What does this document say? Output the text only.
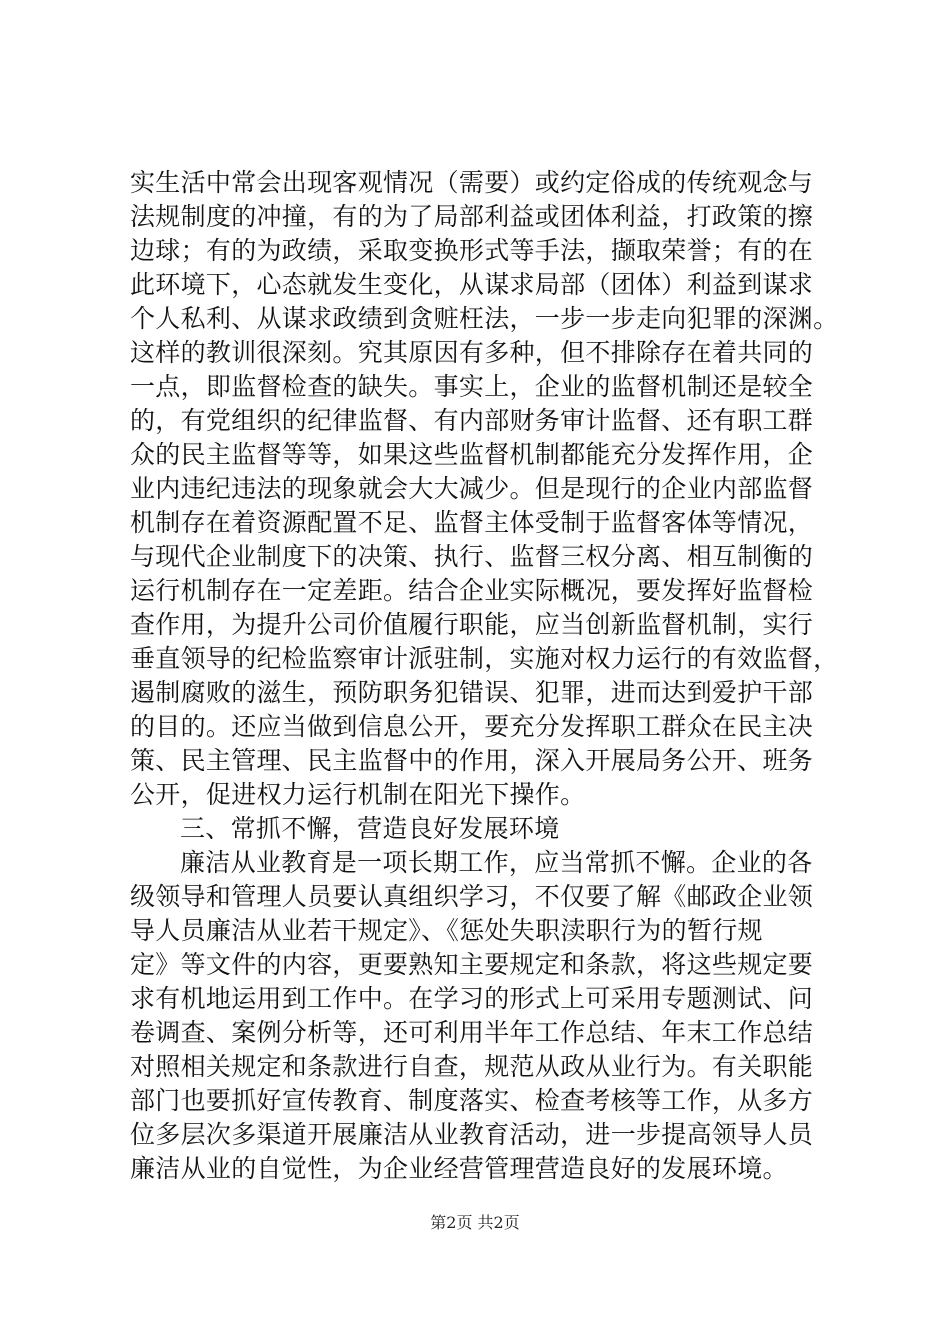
实生活中常会出现客观情况（需要）或约定俗成的传统观念与
法规制度的冲撞，有的为了局部利益或团体利益，打政策的擦
边球；有的为政绩，采取变换形式等手法，撷取荣誉；有的在
此环境下，心态就发生变化，从谋求局部（团体）利益到谋求
个人私利、从谋求政绩到贪赃枉法，一步一步走向犯罪的深渊。
这样的教训很深刻。究其原因有多种，但不排除存在着共同的
一点，即监督检查的缺失。事实上，企业的监督机制还是较全
的，有党组织的纪律监督、有内部财务审计监督、还有职工群
众的民主监督等等，如果这些监督机制都能充分发挥作用，企
业内违纪违法的现象就会大大减少。但是现行的企业内部监督
机制存在着资源配置不足、监督主体受制于监督客体等情况，
与现代企业制度下的决策、执行、监督三权分离、相互制衡的
运行机制存在一定差距。结合企业实际概况，要发挥好监督检
查作用，为提升公司价值履行职能，应当创新监督机制，实行
垂直领导的纪检监察审计派驻制，实施对权力运行的有效监督，
遏制腐败的滋生，预防职务犯错误、犯罪，进而达到爱护干部
的目的。还应当做到信息公开，要充分发挥职工群众在民主决
策、民主管理、民主监督中的作用，深入开展局务公开、班务
公开，促进权力运行机制在阳光下操作。
三、常抓不懈，营造良好发展环境
廉洁从业教育是一项长期工作，应当常抓不懈。企业的各
级领导和管理人员要认真组织学习，不仅要了解《邮政企业领
导人员廉洁从业若干规定》、《惩处失职渎职行为的暂行规
定》等文件的内容，更要熟知主要规定和条款，将这些规定要
求有机地运用到工作中。在学习的形式上可采用专题测试、问
卷调查、案例分析等，还可利用半年工作总结、年末工作总结
对照相关规定和条款进行自查，规范从政从业行为。有关职能
部门也要抓好宣传教育、制度落实、检查考核等工作，从多方
位多层次多渠道开展廉洁从业教育活动，进一步提高领导人员
廉洁从业的自觉性，为企业经营管理营造良好的发展环境。
第2页 共2页
